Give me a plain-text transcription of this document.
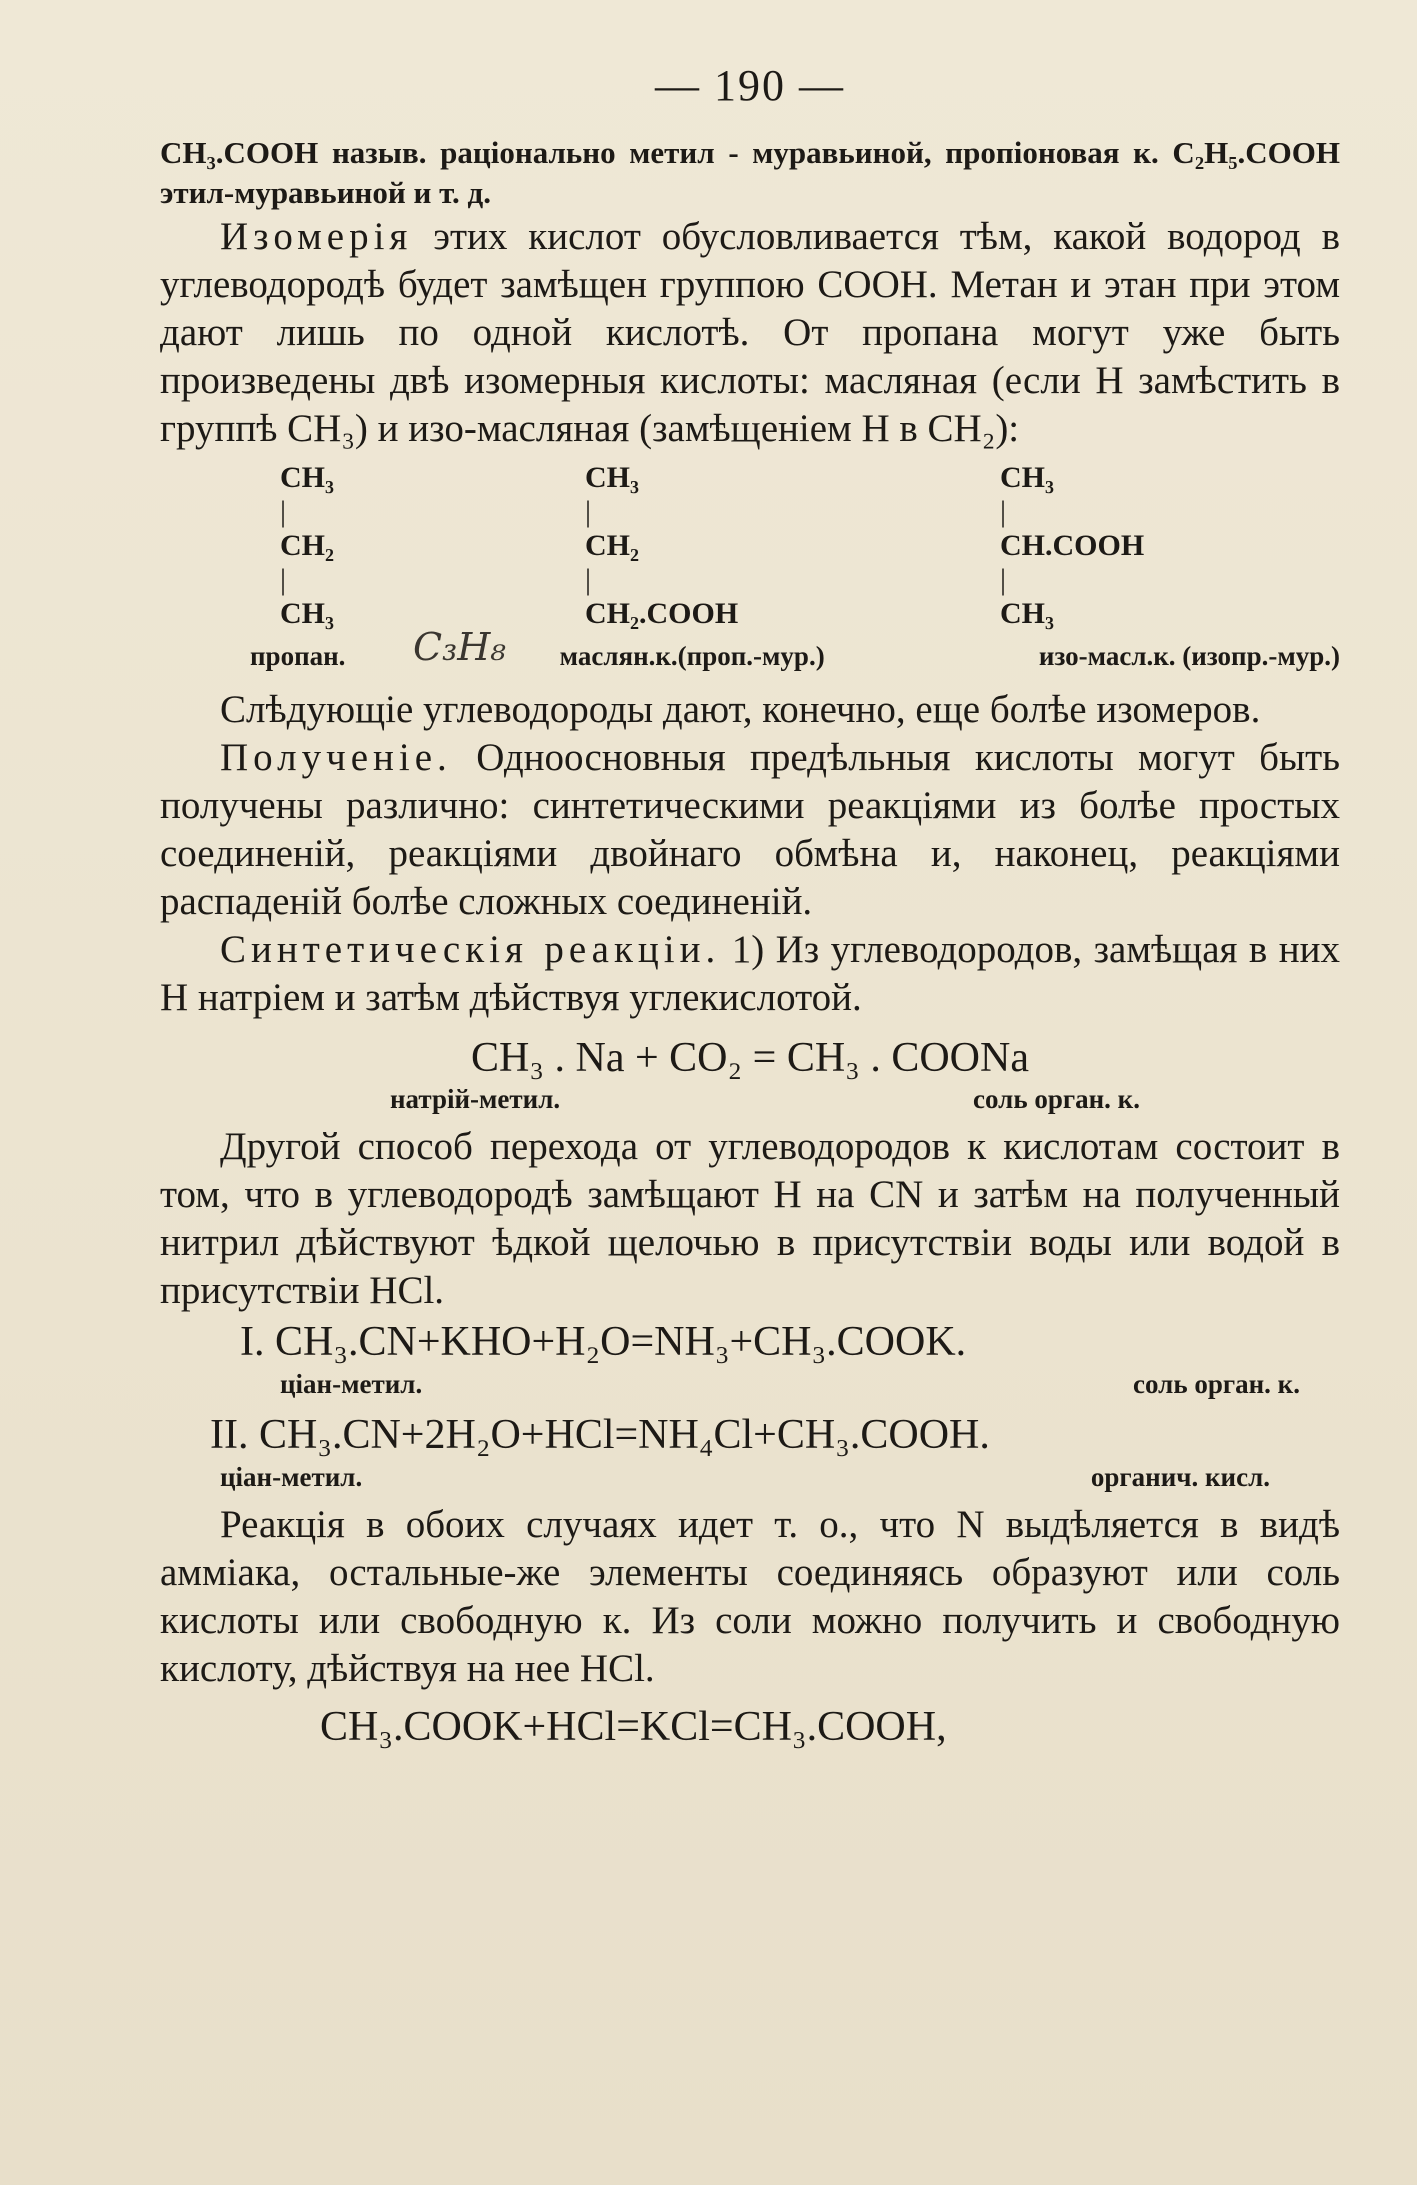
— 190 —

CH₃.COOH назыв. раціонально метил - муравьиной, пропіоновая к. C₂H₅.COOH этил-муравьиной и т. д.

Изомерія этих кислот обусловливается тѣм, какой водород в углеводородѣ будет замѣщен группою COOH. Метан и этан при этом дают лишь по одной кислотѣ. От пропана могут уже быть произведены двѣ изомерныя кислоты: масляная (если H замѣстить в группѣ CH₃) и изо-масляная (замѣщеніем H в CH₂):

CH₃
|
CH₂
|
CH₃
CH₃
|
CH₂
|
CH₂.COOH
CH₃
|
CH.COOH
|
CH₃
пропан.	маслян.к.(проп.-мур.)	изо-масл.к. (изопр.-мур.)

Слѣдующіе углеводороды дают, конечно, еще болѣе изомеров.

Полученіе. Одноосновныя предѣльныя кислоты могут быть получены различно: синтетическими реакціями из болѣе простых соединеній, реакціями двойнаго обмѣна и, наконец, реакціями распаденій болѣе сложных соединеній.

Синтетическія реакціи. 1) Из углеводородов, замѣщая в них H натріем и затѣм дѣйствуя углекислотой.

CH₃ . Na + CO₂ = CH₃ . COONa
натрій-метил.	соль орган. к.

Другой способ перехода от углеводородов к кислотам состоит в том, что в углеводородѣ замѣщают H на CN и затѣм на полученный нитрил дѣйствуют ѣдкой щелочью в присутствіи воды или водой в присутствіи HCl.

I. CH₃.CN+KHO+H₂O=NH₃+CH₃.COOK.
ціан-метил.	соль орган. к.
II. CH₃.CN+2H₂O+HCl=NH₄Cl+CH₃.COOH.
ціан-метил.	органич. кисл.

Реакція в обоих случаях идет т. о., что N выдѣляется в видѣ аммiака, остальные-же элементы соединяясь образуют или соль кислоты или свободную к. Из соли можно получить и свободную кислоту, дѣйствуя на нее HCl.

CH₃.COOK+HCl=KCl=CH₃.COOH,
C₃H₈
